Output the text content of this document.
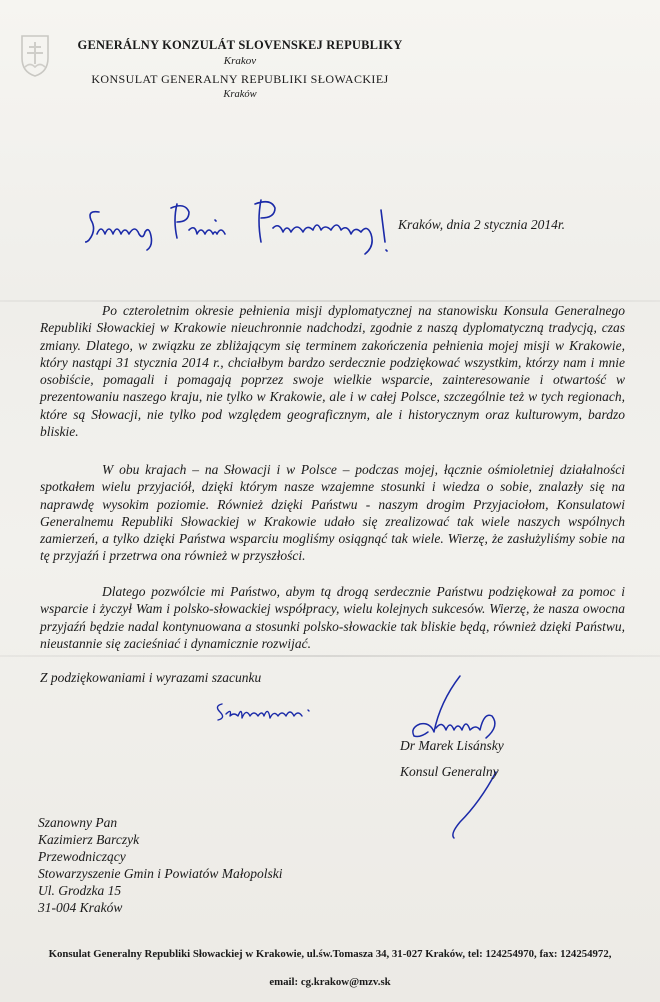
GENERÁLNY KONZULÁT SLOVENSKEJ REPUBLIKY
Krakov
KONSULAT GENERALNY REPUBLIKI SŁOWACKIEJ
Kraków
Kraków, dnia 2 stycznia 2014r.

Po czteroletnim okresie pełnienia misji dyplomatycznej na stanowisku Konsula Generalnego Republiki Słowackiej w Krakowie nieuchronnie nadchodzi, zgodnie z naszą dyplomatyczną tradycją, czas zmiany. Dlatego, w związku ze zbliżającym się terminem zakończenia pełnienia mojej misji w Krakowie, który nastąpi 31 stycznia 2014 r., chciałbym bardzo serdecznie podziękować wszystkim, którzy nam i mnie osobiście, pomagali i pomagają poprzez swoje wielkie wsparcie, zainteresowanie i otwartość w prezentowaniu naszego kraju, nie tylko w Krakowie, ale i w całej Polsce, szczególnie też w tych regionach, które są Słowacji, nie tylko pod względem geograficznym, ale i historycznym oraz kulturowym, bardzo bliskie.

W obu krajach – na Słowacji i w Polsce – podczas mojej, łącznie ośmioletniej działalności spotkałem wielu przyjaciół, dzięki którym nasze wzajemne stosunki i wiedza o sobie, znalazły się na naprawdę wysokim poziomie. Również dzięki Państwu - naszym drogim Przyjaciołom, Konsulatowi Generalnemu Republiki Słowackiej w Krakowie udało się zrealizować tak wiele naszych wspólnych zamierzeń, a tylko dzięki Państwa wsparciu mogliśmy osiągnąć tak wiele. Wierzę, że zasłużyliśmy sobie na tę przyjaźń i przetrwa ona również w przyszłości.

Dlatego pozwólcie mi Państwo, abym tą drogą serdecznie Państwu podziękował za pomoc i wsparcie i życzył Wam i polsko-słowackiej współpracy, wielu kolejnych sukcesów. Wierzę, że nasza owocna przyjaźń będzie nadal kontynuowana a stosunki polsko-słowackie tak bliskie będą, również dzięki Państwu, nieustannie się zacieśniać i dynamicznie rozwijać.

Z podziękowaniami i wyrazami szacunku
Dr Marek Lisánsky
Konsul Generalny
Szanowny Pan
Kazimierz Barczyk
Przewodniczący
Stowarzyszenie Gmin i Powiatów Małopolski
Ul. Grodzka 15
31-004 Kraków
Konsulat Generalny Republiki Słowackiej w Krakowie, ul.św.Tomasza 34, 31-027 Kraków, tel: 124254970, fax: 124254972,
email: cg.krakow@mzv.sk
